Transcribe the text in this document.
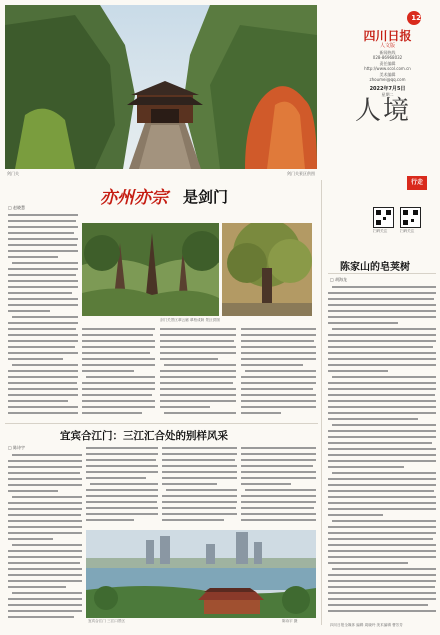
剑门关	剑门关景区供图
12
四川日报
人文版
新闻热线
028-86968032
责任编辑
http://www.scol.com.cn
美术编辑
zhoumei@qq.com
2022年7月5日
星期二
人境
行走
亦州亦宗 是剑门
扫码关注	扫码关注
□ 赵晓慧
剑门关景区翠云廊 翠柏成荫 景区供图
陈家山的皂荚树
□ 胡海龙
宜宾合江门：三江汇合处的别样风采
□ 陈诗宇
宜宾合江门 三江口景区	陈诗宇 摄
四川日报全媒体 编辑 周晓玲 美术编辑 曹芳芳
